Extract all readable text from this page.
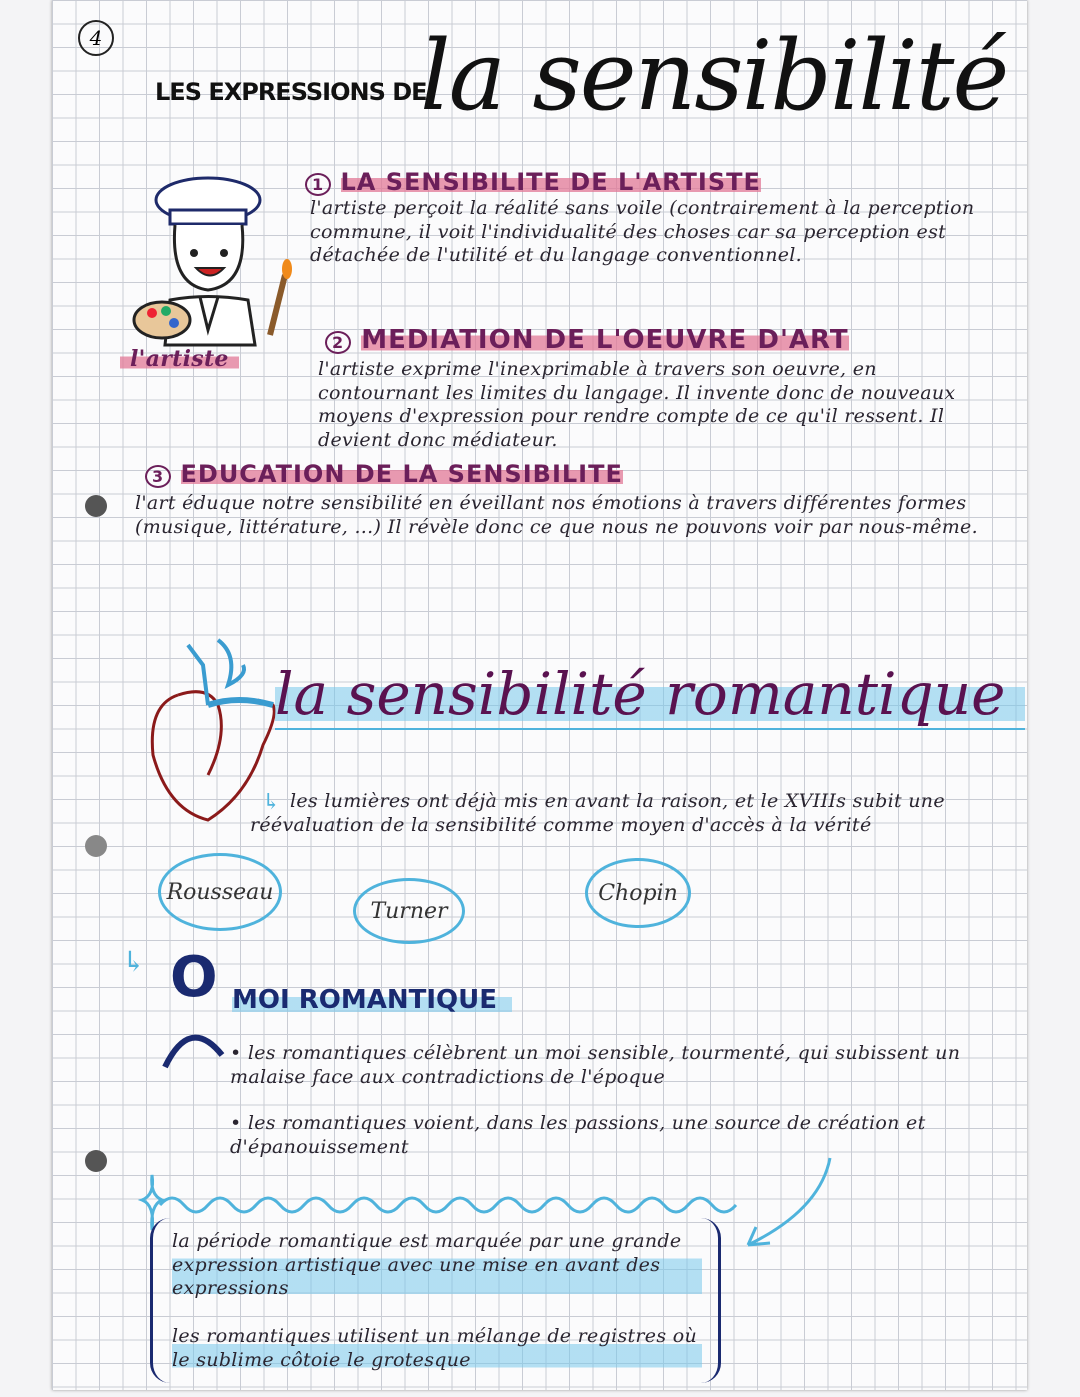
4
LES EXPRESSIONS DE
la sensibilité
l'artiste
1 LA SENSIBILITE DE L'ARTISTE
l'artiste perçoit la réalité sans voile (contrairement à la perception commune, il voit l'individualité des choses car sa perception est détachée de l'utilité et du langage conventionnel.
2 MEDIATION DE L'OEUVRE D'ART
l'artiste exprime l'inexprimable à travers son oeuvre, en contournant les limites du langage. Il invente donc de nouveaux moyens d'expression pour rendre compte de ce qu'il ressent. Il devient donc médiateur.
3 EDUCATION DE LA SENSIBILITE
l'art éduque notre sensibilité en éveillant nos émotions à travers différentes formes (musique, littérature, ...) Il révèle donc ce que nous ne pouvons voir par nous-même.
la sensibilité romantique
↳ les lumières ont déjà mis en avant la raison, et le XVIIIs subit une réévaluation de la sensibilité comme moyen d'accès à la vérité
Rousseau
Turner
Chopin
↳ O MOI ROMANTIQUE
• les romantiques célèbrent un moi sensible, tourmenté, qui subissent un malaise face aux contradictions de l'époque
• les romantiques voient, dans les passions, une source de création et d'épanouissement
la période romantique est marquée par une grande expression artistique avec une mise en avant des expressions
les romantiques utilisent un mélange de registres où le sublime côtoie le grotesque
